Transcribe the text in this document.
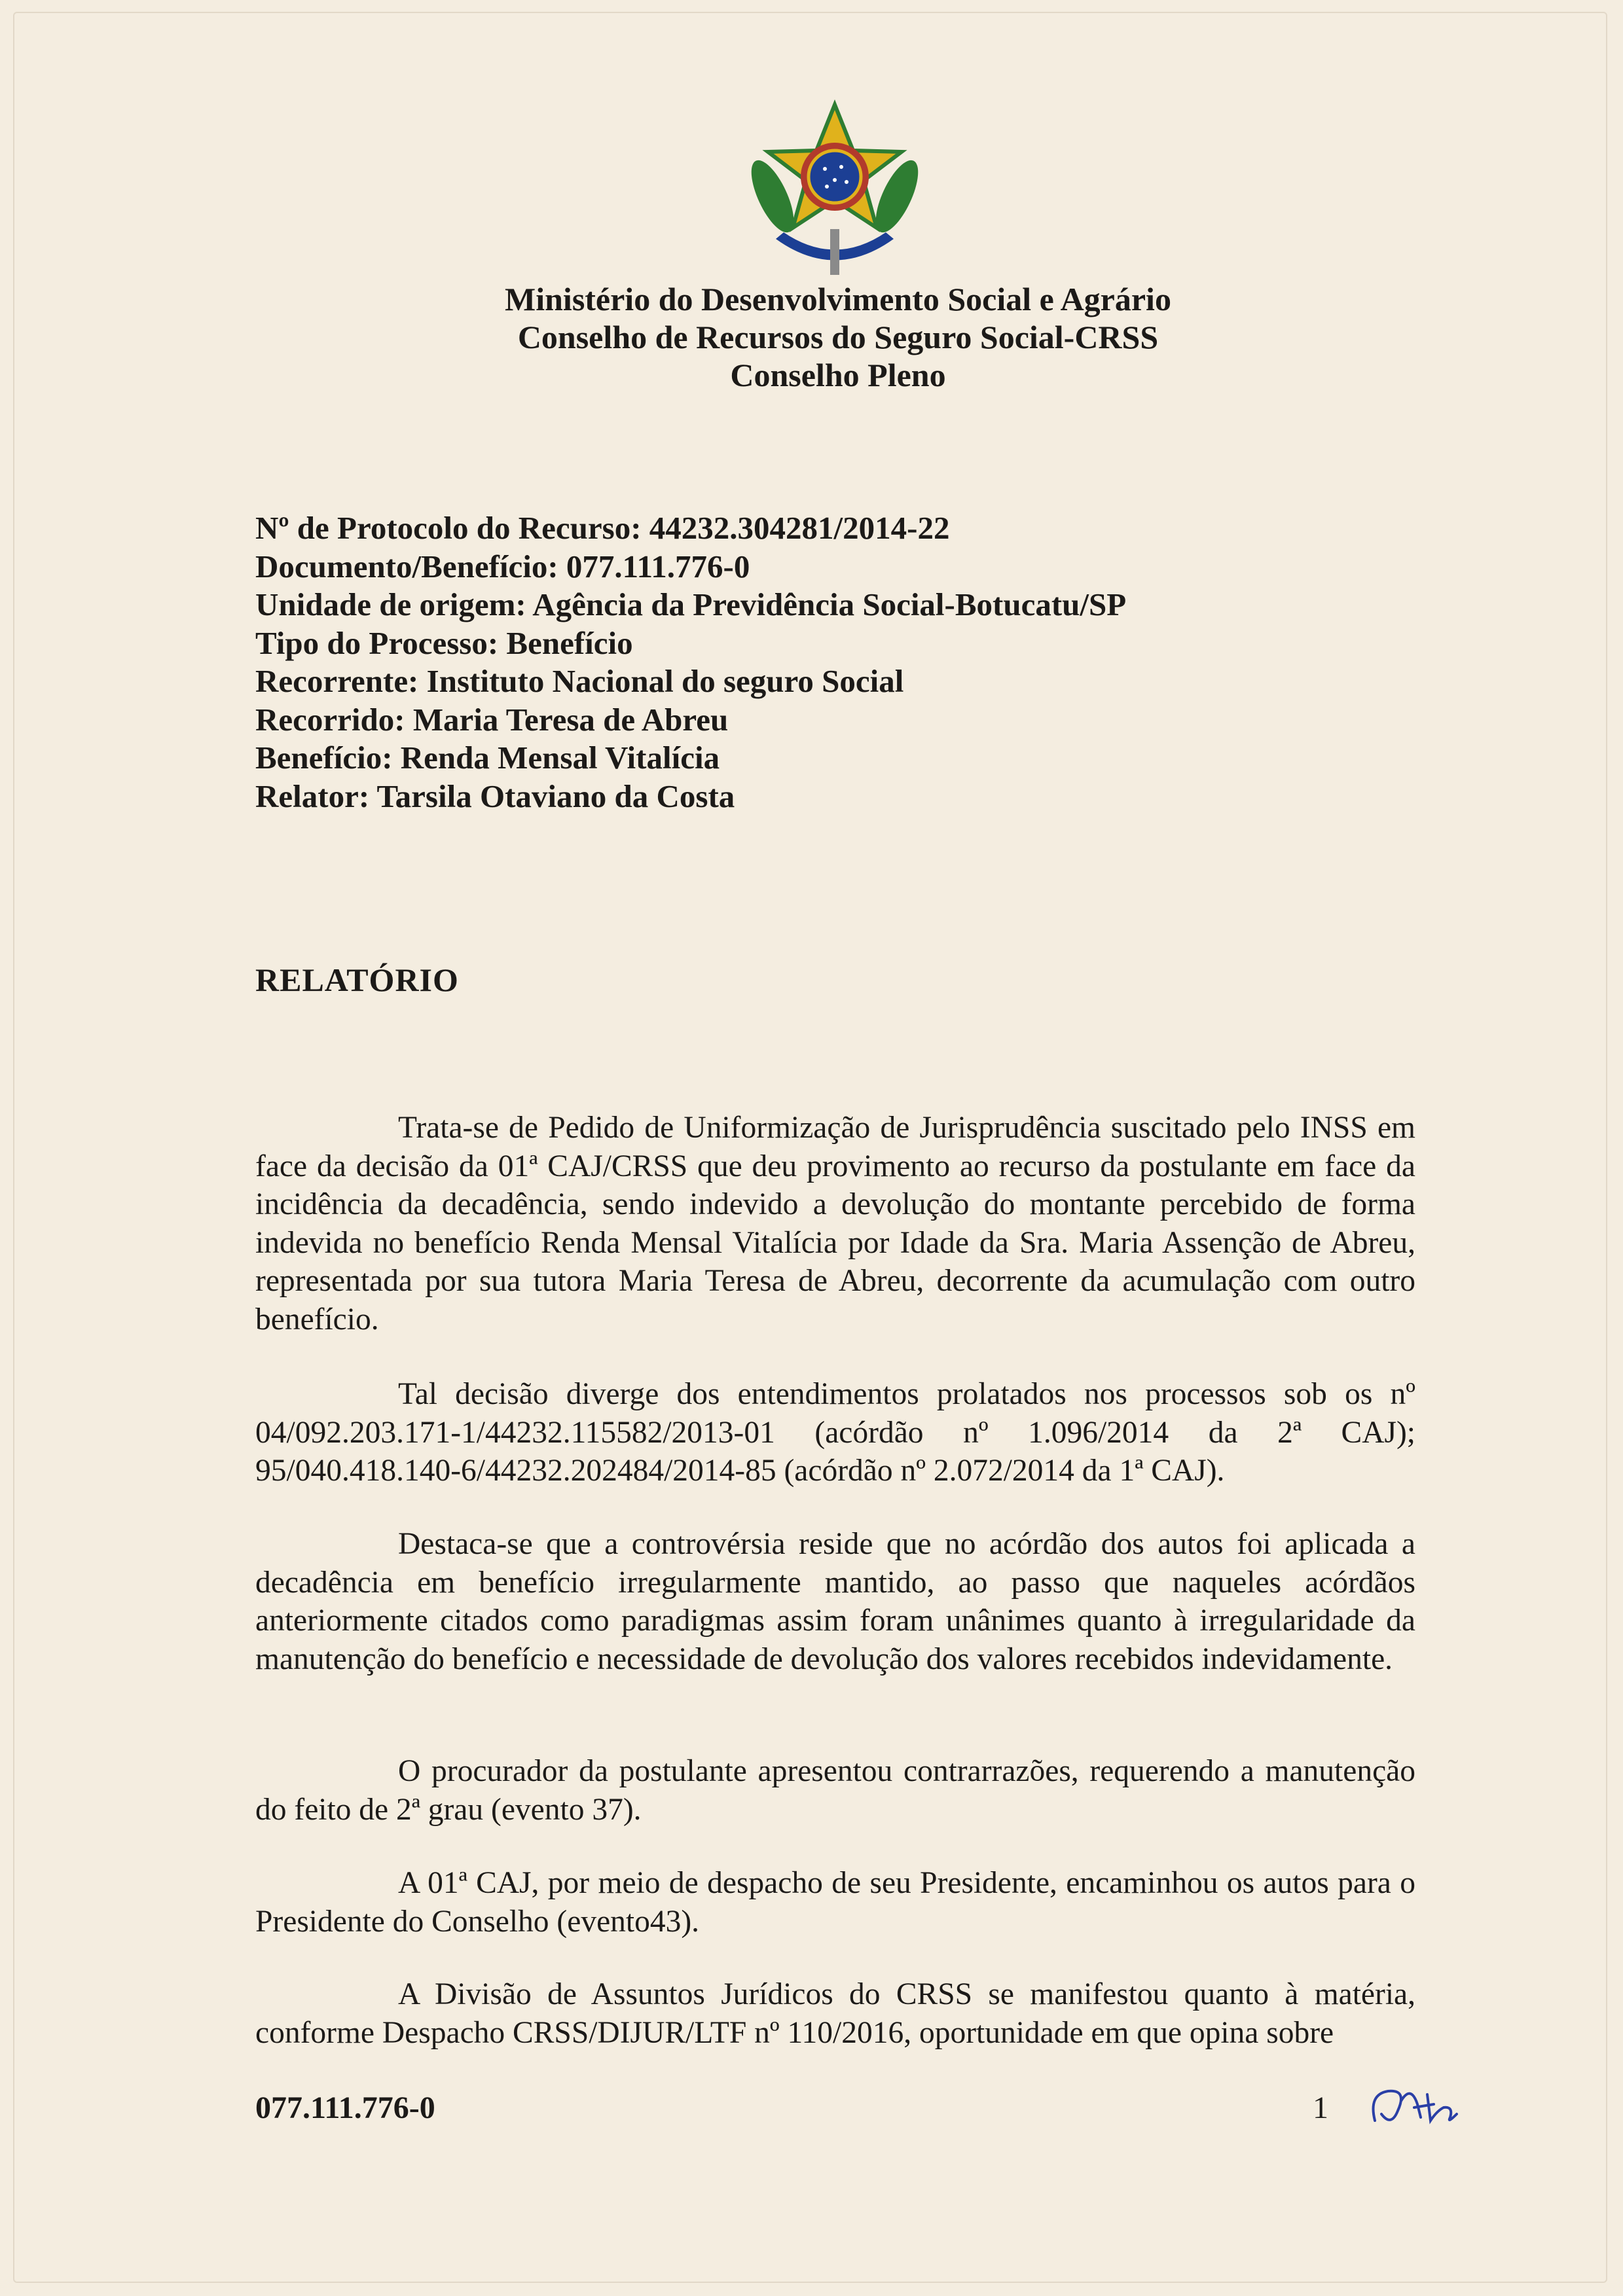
Ministério do Desenvolvimento Social e Agrário
Conselho de Recursos do Seguro Social-CRSS
Conselho Pleno
Nº de Protocolo do Recurso: 44232.304281/2014-22
Documento/Benefício: 077.111.776-0
Unidade de origem: Agência da Previdência Social-Botucatu/SP
Tipo do Processo: Benefício
Recorrente: Instituto Nacional do seguro Social
Recorrido: Maria Teresa de Abreu
Benefício: Renda Mensal Vitalícia
Relator: Tarsila Otaviano da Costa
RELATÓRIO

Trata-se de Pedido de Uniformização de Jurisprudência suscitado pelo INSS em face da decisão da 01ª CAJ/CRSS que deu provimento ao recurso da postulante em face da incidência da decadência, sendo indevido a devolução do montante percebido de forma indevida no benefício Renda Mensal Vitalícia por Idade da Sra. Maria Assenção de Abreu, representada por sua tutora Maria Teresa de Abreu, decorrente da acumulação com outro benefício.

Tal decisão diverge dos entendimentos prolatados nos processos sob os nº 04/092.203.171-1/44232.115582/2013-01 (acórdão nº 1.096/2014 da 2ª CAJ); 95/040.418.140-6/44232.202484/2014-85 (acórdão nº 2.072/2014 da 1ª CAJ).

Destaca-se que a controvérsia reside que no acórdão dos autos foi aplicada a decadência em benefício irregularmente mantido, ao passo que naqueles acórdãos anteriormente citados como paradigmas assim foram unânimes quanto à irregularidade da manutenção do benefício e necessidade de devolução dos valores recebidos indevidamente.

O procurador da postulante apresentou contrarrazões, requerendo a manutenção do feito de 2ª grau (evento 37).

A 01ª CAJ, por meio de despacho de seu Presidente, encaminhou os autos para o Presidente do Conselho (evento43).

A Divisão de Assuntos Jurídicos do CRSS se manifestou quanto à matéria, conforme Despacho CRSS/DIJUR/LTF nº 110/2016, oportunidade em que opina sobre

077.111.776-0	1
